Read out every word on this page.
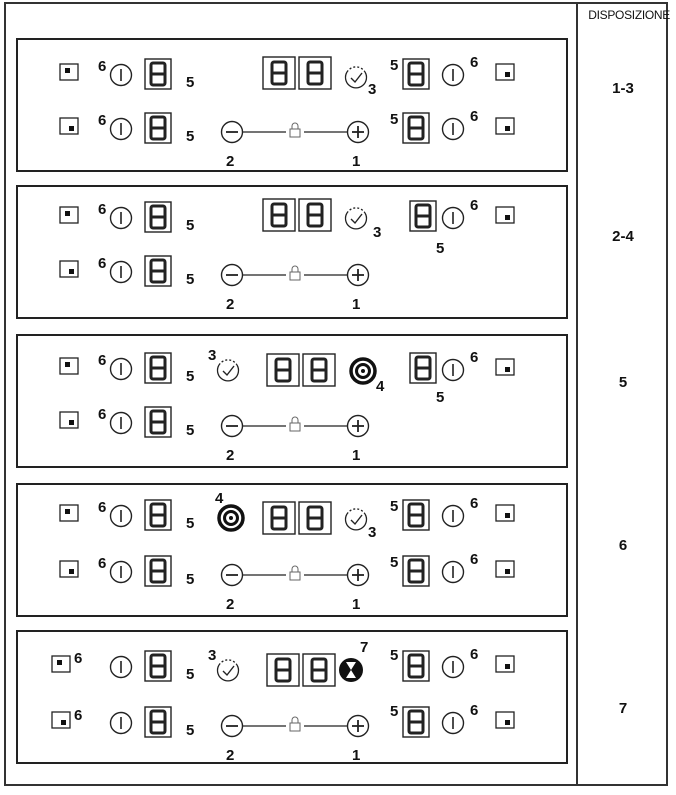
DISPOSIZIONE
6
5	3
5	6
6
5
2	1
5	6
1-3
6
5	3
5
6
6
5
2	1
2-4
6
5
3
4
5
6
6
5
2	1
5
6
5
4
3
5	6
6
5
2	1
5	6
6
6
5
3	7 5	6
6
5
2	1
5	6	7
